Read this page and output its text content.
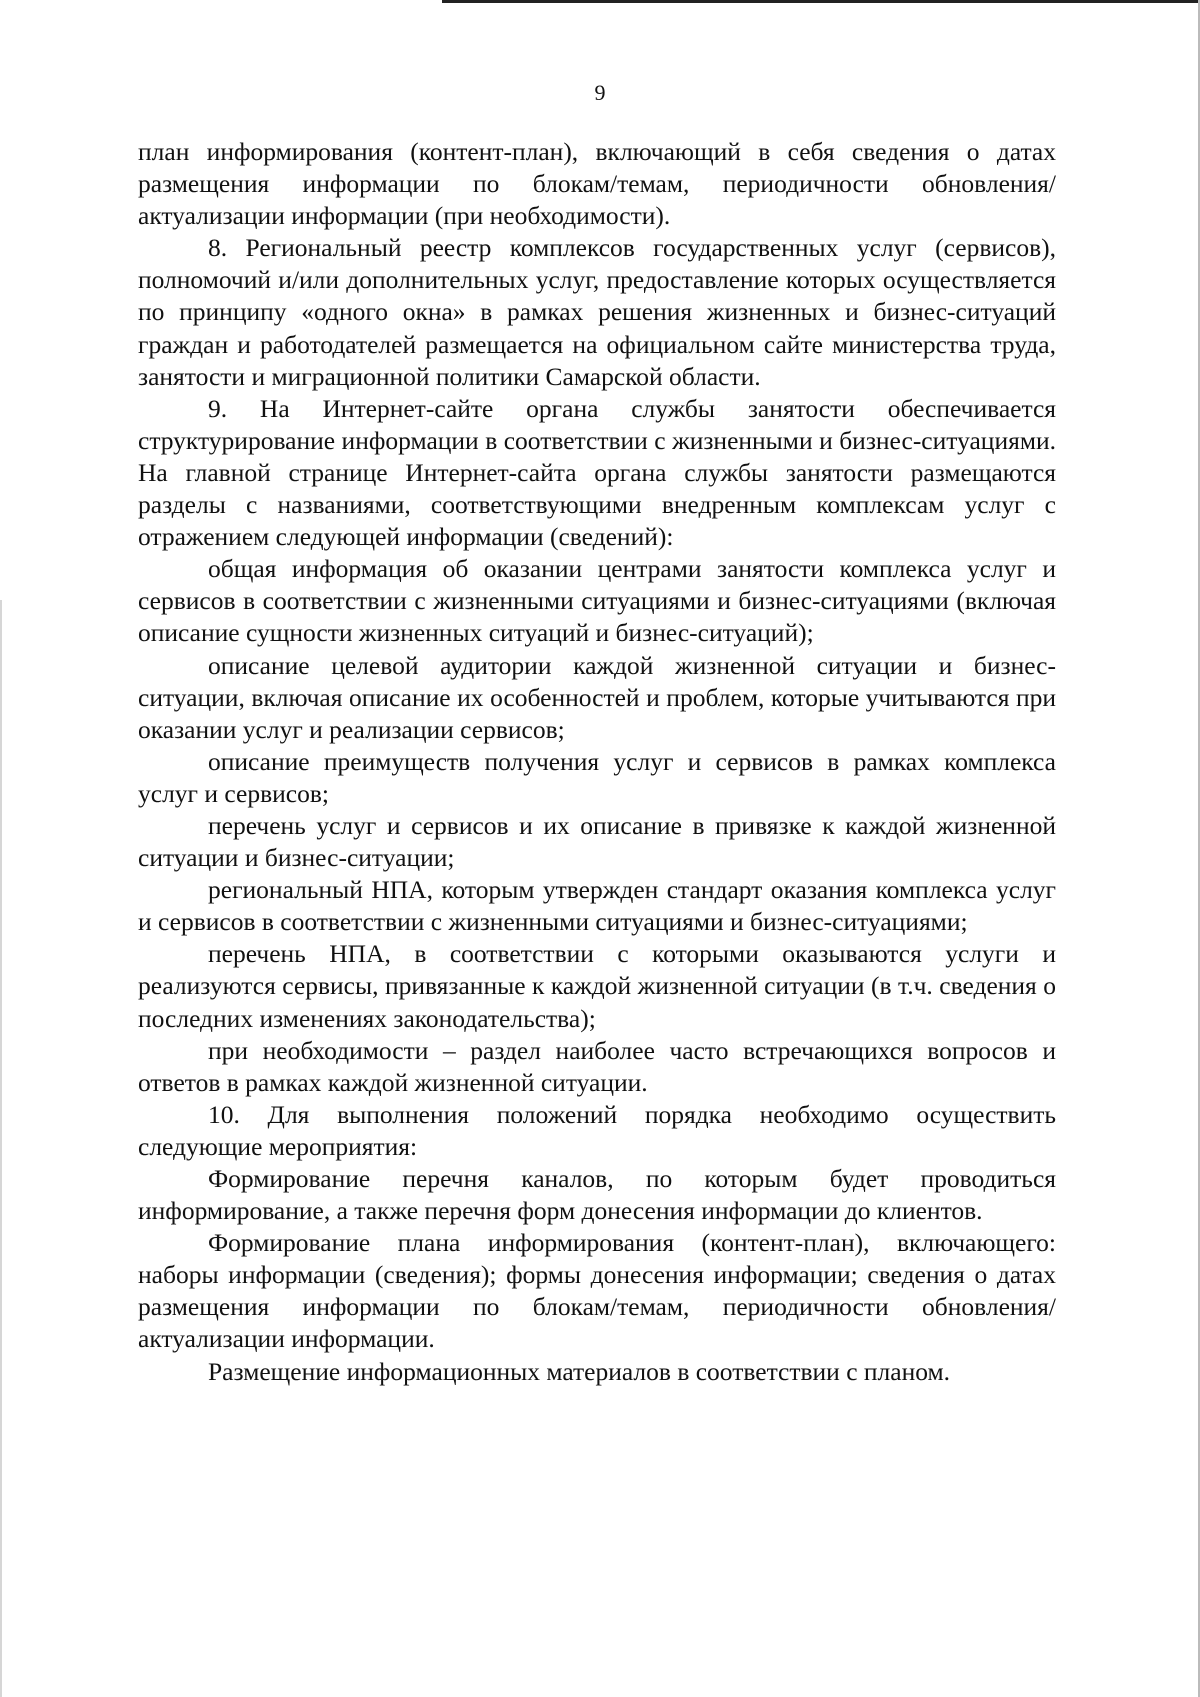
9

план информирования (контент-план), включающий в себя сведения о датах размещения информации по блокам/темам, периодичности обновления/актуализации информации (при необходимости).

8. Региональный реестр комплексов государственных услуг (сервисов), полномочий и/или дополнительных услуг, предоставление которых осуществляется по принципу «одного окна» в рамках решения жизненных и бизнес-ситуаций граждан и работодателей размещается на официальном сайте министерства труда, занятости и миграционной политики Самарской области.

9. На Интернет-сайте органа службы занятости обеспечивается структурирование информации в соответствии с жизненными и бизнес-ситуациями. На главной странице Интернет-сайта органа службы занятости размещаются разделы с названиями, соответствующими внедренным комплексам услуг с отражением следующей информации (сведений):

общая информация об оказании центрами занятости комплекса услуг и сервисов в соответствии с жизненными ситуациями и бизнес-ситуациями (включая описание сущности жизненных ситуаций и бизнес-ситуаций);

описание целевой аудитории каждой жизненной ситуации и бизнес-ситуации, включая описание их особенностей и проблем, которые учитываются при оказании услуг и реализации сервисов;

описание преимуществ получения услуг и сервисов в рамках комплекса услуг и сервисов;

перечень услуг и сервисов и их описание в привязке к каждой жизненной ситуации и бизнес-ситуации;

региональный НПА, которым утвержден стандарт оказания комплекса услуг и сервисов в соответствии с жизненными ситуациями и бизнес-ситуациями;

перечень НПА, в соответствии с которыми оказываются услуги и реализуются сервисы, привязанные к каждой жизненной ситуации (в т.ч. сведения о последних изменениях законодательства);

при необходимости – раздел наиболее часто встречающихся вопросов и ответов в рамках каждой жизненной ситуации.

10. Для выполнения положений порядка необходимо осуществить следующие мероприятия:

Формирование перечня каналов, по которым будет проводиться информирование, а также перечня форм донесения информации до клиентов.

Формирование плана информирования (контент-план), включающего: наборы информации (сведения); формы донесения информации; сведения о датах размещения информации по блокам/темам, периодичности обновления/ актуализации информации.

Размещение информационных материалов в соответствии с планом.
